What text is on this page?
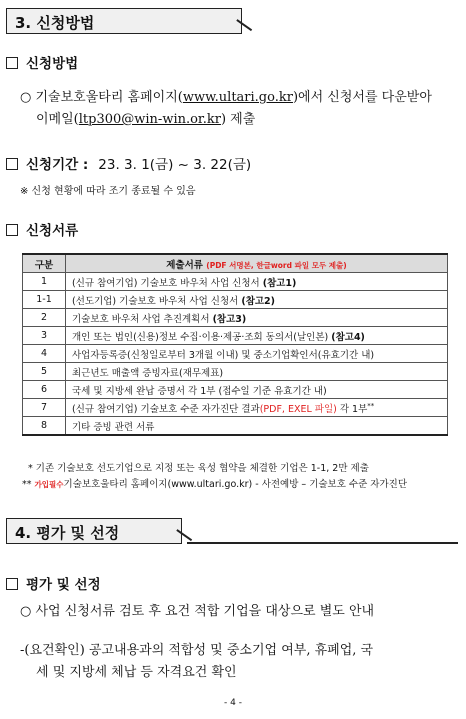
3. 신청방법
신청방법
○ 기술보호울타리 홈페이지(www.ultari.go.kr)에서 신청서를 다운받아
이메일(ltp300@win-win.or.kr) 제출
신청기간 : 23. 3. 1(금) ~ 3. 22(금)
※ 신청 현황에 따라 조기 종료될 수 있음
신청서류
구분	제출서류 (PDF 서명본, 한글word 파일 모두 제출)
1	(신규 참여기업) 기술보호 바우처 사업 신청서 (참고1)
1-1	(선도기업) 기술보호 바우처 사업 신청서 (참고2)
2	기술보호 바우처 사업 추진계획서 (참고3)
3	개인 또는 법인(신용)정보 수집·이용·제공·조회 동의서(날인본) (참고4)
4	사업자등록증(신청일로부터 3개월 이내) 및 중소기업확인서(유효기간 내)
5	최근년도 매출액 증빙자료(재무제표)
6	국세 및 지방세 완납 증명서 각 1부 (접수일 기준 유효기간 내)
7	(신규 참여기업) 기술보호 수준 자가진단 결과(PDF, EXEL 파일) 각 1부**
8	기타 증빙 관련 서류
* 기존 기술보호 선도기업으로 지정 또는 육성 협약을 체결한 기업은 1-1, 2만 제출
** 가입필수기술보호울타리 홈페이지(www.ultari.go.kr) - 사전예방 – 기술보호 수준 자가진단
4. 평가 및 선정
평가 및 선정
○ 사업 신청서류 검토 후 요건 적합 기업을 대상으로 별도 안내
-(요건확인) 공고내용과의 적합성 및 중소기업 여부, 휴폐업, 국
세 및 지방세 체납 등 자격요건 확인
- 4 -
